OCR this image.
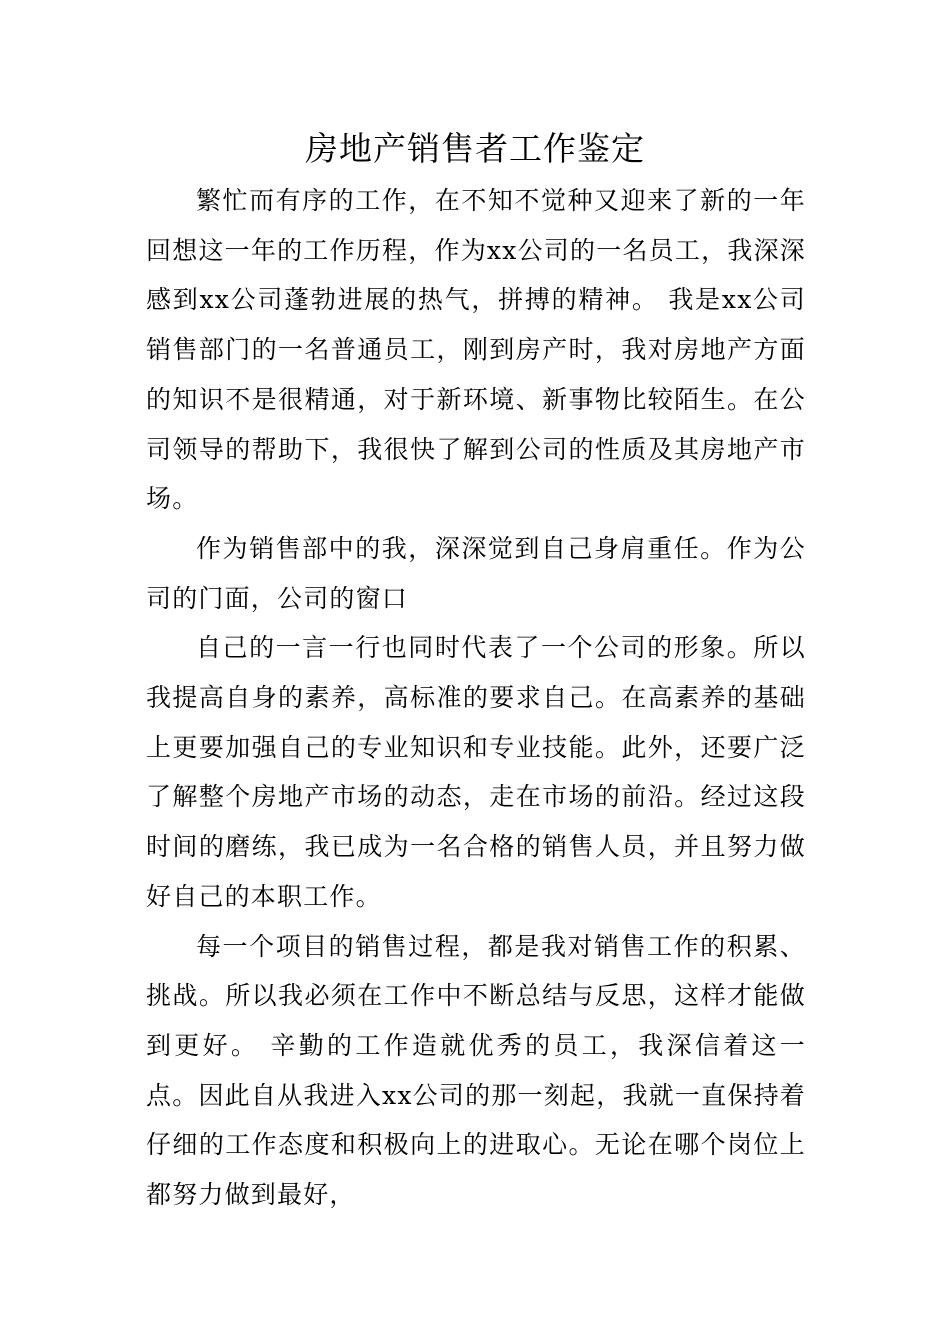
房地产销售者工作鉴定

繁忙而有序的工作，在不知不觉种又迎来了新的一年回想这一年的工作历程，作为xx公司的一名员工，我深深感到xx公司蓬勃进展的热气，拼搏的精神。 我是xx公司销售部门的一名普通员工，刚到房产时，我对房地产方面的知识不是很精通，对于新环境、新事物比较陌生。在公司领导的帮助下，我很快了解到公司的性质及其房地产市场。

作为销售部中的我，深深觉到自己身肩重任。作为公司的门面，公司的窗口

自己的一言一行也同时代表了一个公司的形象。所以我提高自身的素养，高标准的要求自己。在高素养的基础上更要加强自己的专业知识和专业技能。此外，还要广泛了解整个房地产市场的动态，走在市场的前沿。经过这段时间的磨练，我已成为一名合格的销售人员，并且努力做好自己的本职工作。

每一个项目的销售过程，都是我对销售工作的积累、挑战。所以我必须在工作中不断总结与反思，这样才能做到更好。 辛勤的工作造就优秀的员工，我深信着这一点。因此自从我进入xx公司的那一刻起，我就一直保持着仔细的工作态度和积极向上的进取心。无论在哪个岗位上都努力做到最好，
